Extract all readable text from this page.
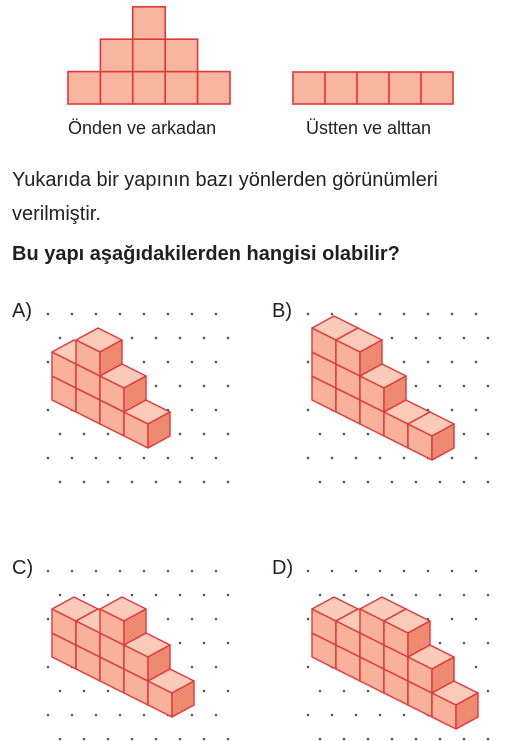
Önden ve arkadan	Üstten ve alttan
Yukarıda bir yapının bazı yönlerden görünümleri verilmiştir.
Bu yapı aşağıdakilerden hangisi olabilir?
A)	B)
C)	D)
